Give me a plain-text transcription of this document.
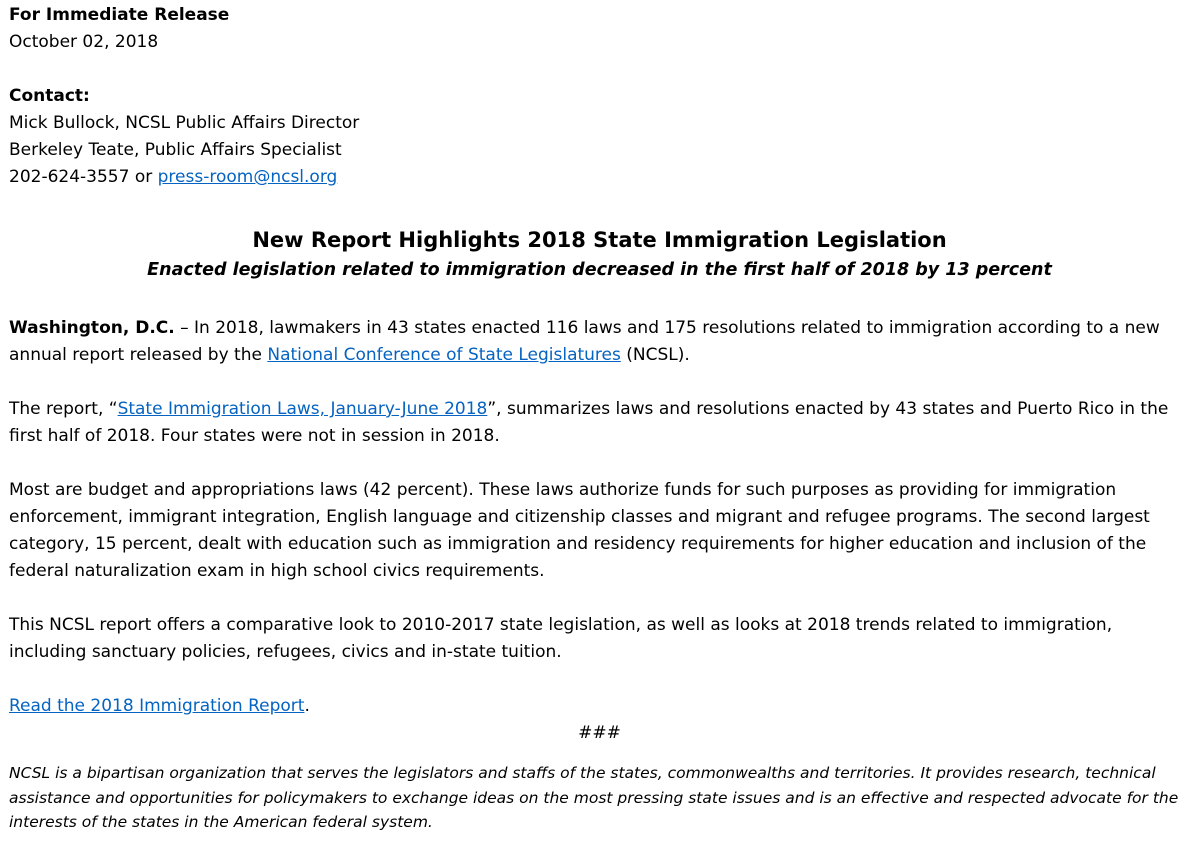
For Immediate Release
October 02, 2018
Contact:
Mick Bullock, NCSL Public Affairs Director
Berkeley Teate, Public Affairs Specialist
202-624-3557 or press-room@ncsl.org
New Report Highlights 2018 State Immigration Legislation
Enacted legislation related to immigration decreased in the first half of 2018 by 13 percent

Washington, D.C. – In 2018, lawmakers in 43 states enacted 116 laws and 175 resolutions related to immigration according to a new annual report released by the National Conference of State Legislatures (NCSL).

The report, “State Immigration Laws, January-June 2018”, summarizes laws and resolutions enacted by 43 states and Puerto Rico in the first half of 2018. Four states were not in session in 2018.

Most are budget and appropriations laws (42 percent). These laws authorize funds for such purposes as providing for immigration enforcement, immigrant integration, English language and citizenship classes and migrant and refugee programs. The second largest category, 15 percent, dealt with education such as immigration and residency requirements for higher education and inclusion of the federal naturalization exam in high school civics requirements.

This NCSL report offers a comparative look to 2010-2017 state legislation, as well as looks at 2018 trends related to immigration, including sanctuary policies, refugees, civics and in-state tuition.

Read the 2018 Immigration Report.

###

NCSL is a bipartisan organization that serves the legislators and staffs of the states, commonwealths and territories. It provides research, technical assistance and opportunities for policymakers to exchange ideas on the most pressing state issues and is an effective and respected advocate for the interests of the states in the American federal system.
